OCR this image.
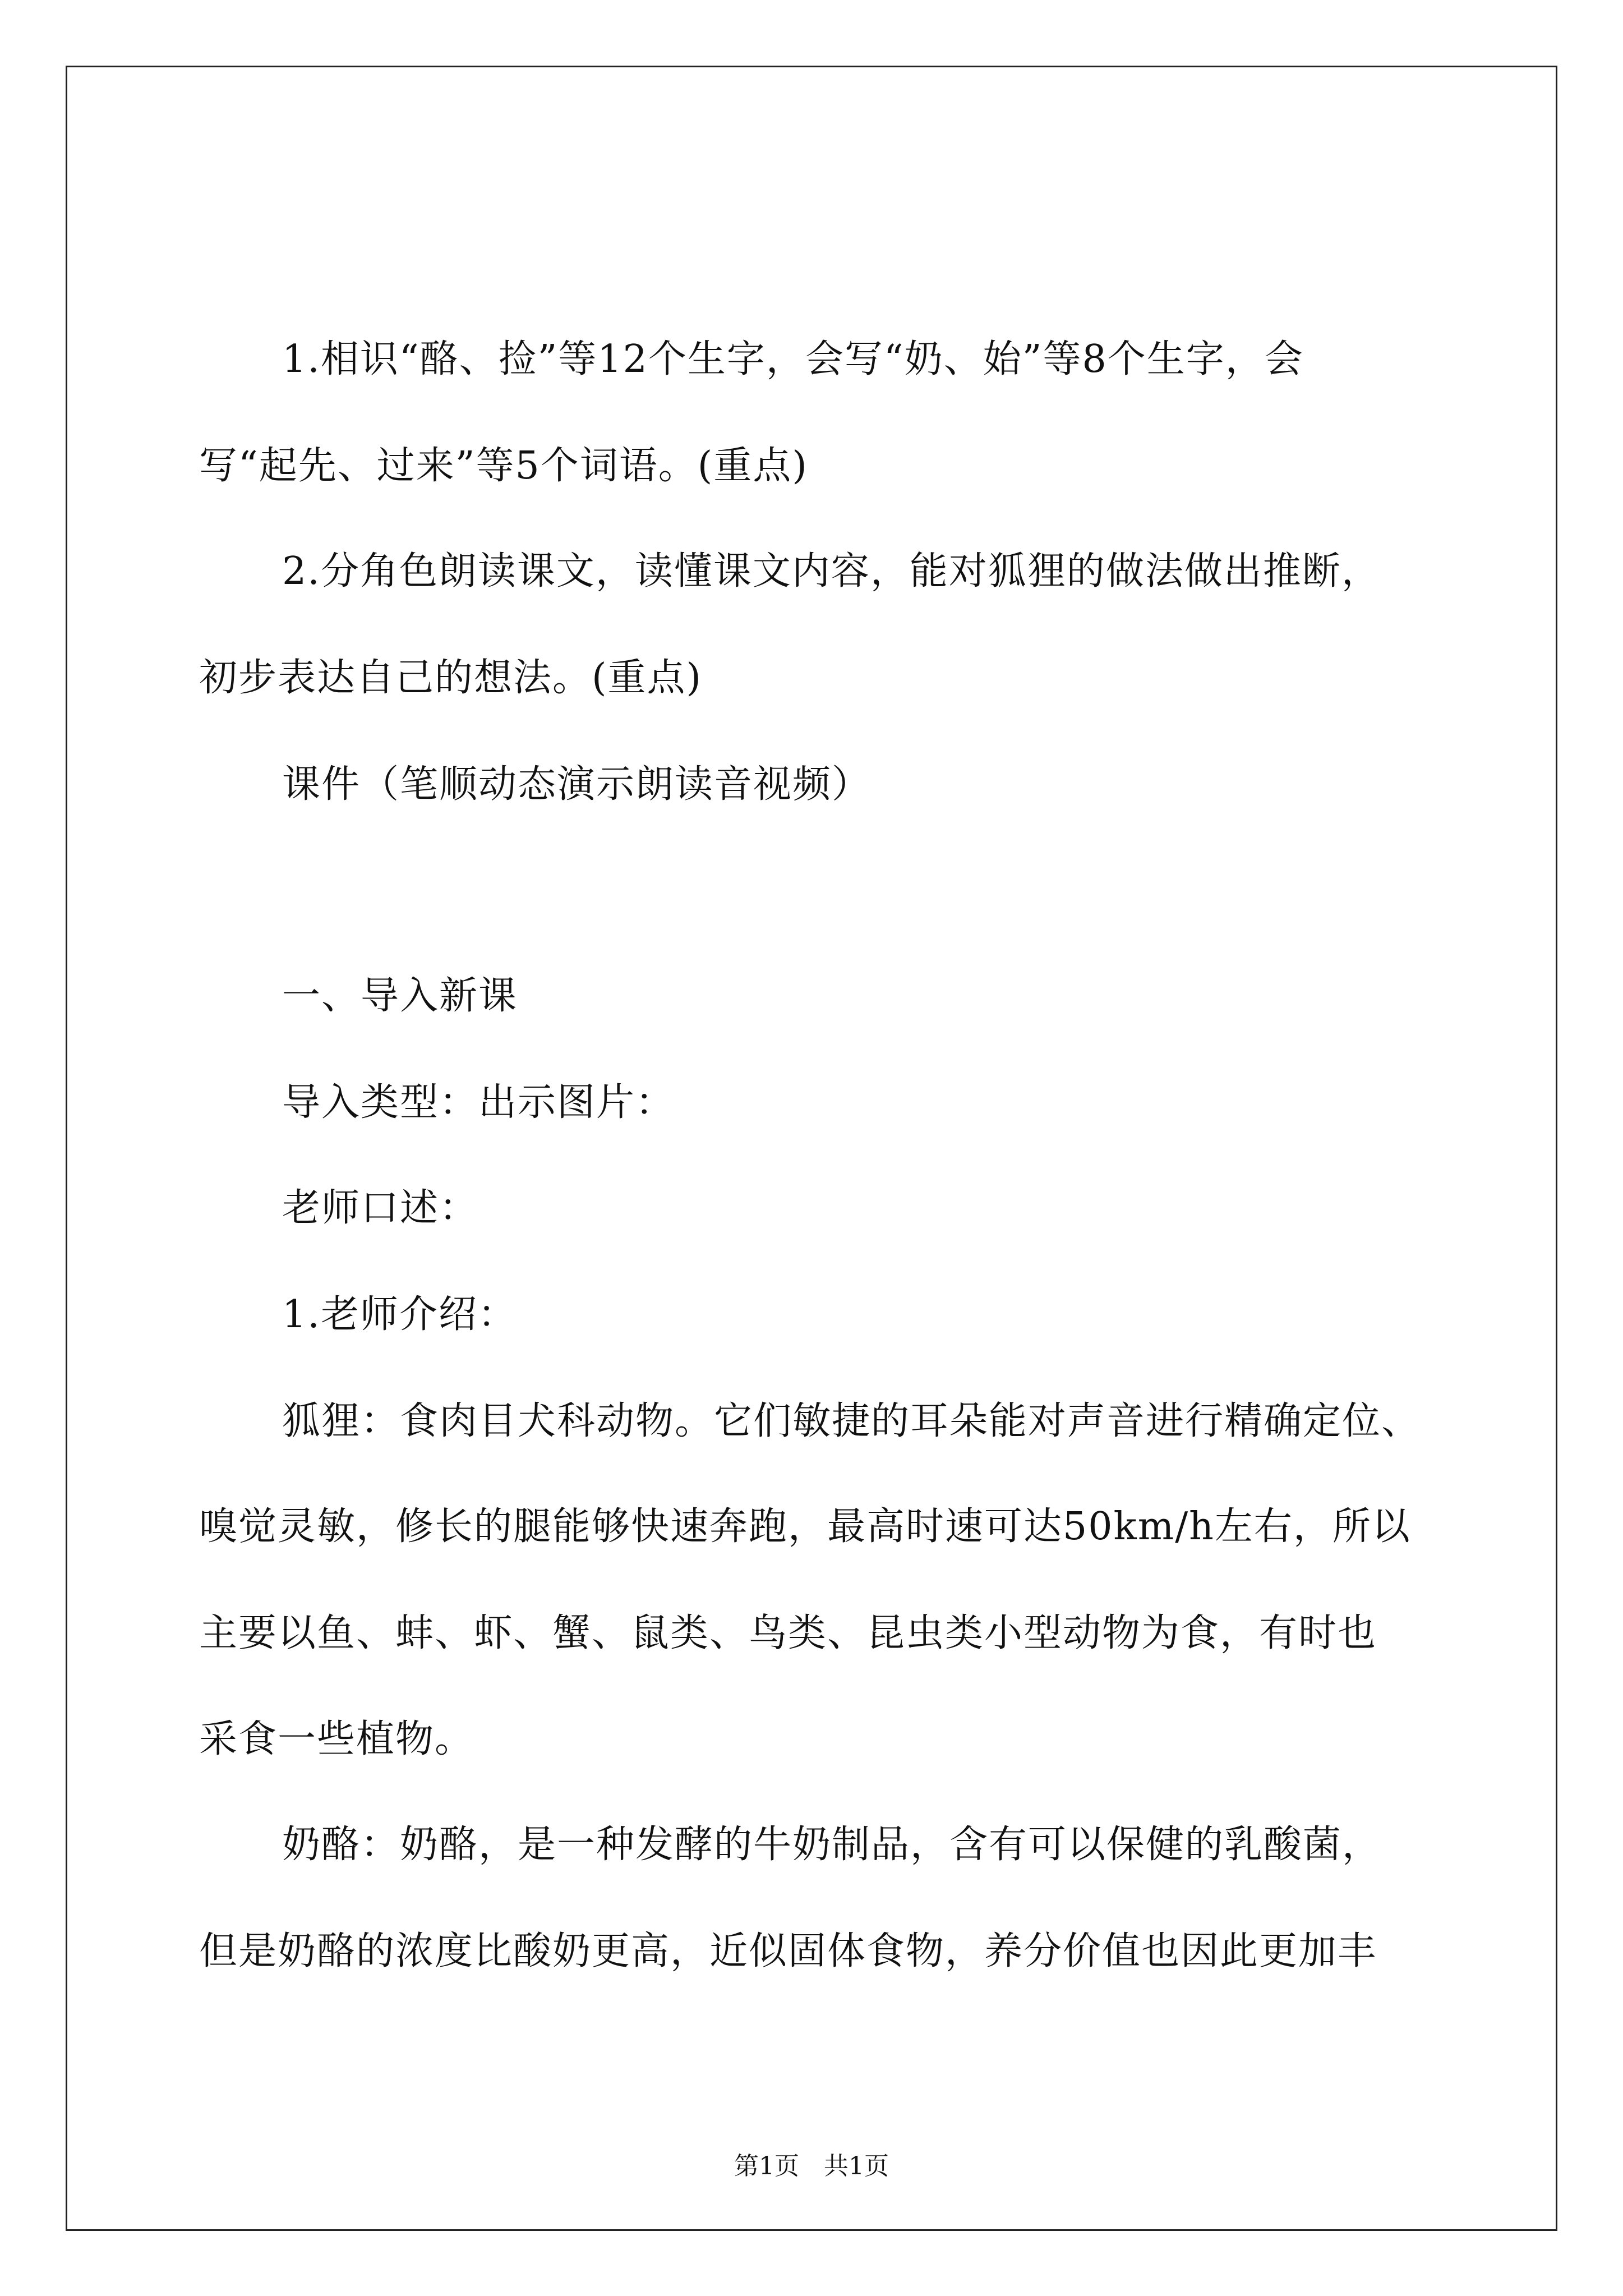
1.相识“酪、捡”等12个生字，会写“奶、始”等8个生字，会
写“起先、过来”等5个词语。(重点)
2.分角色朗读课文，读懂课文内容，能对狐狸的做法做出推断，
初步表达自己的想法。(重点)
课件（笔顺动态演示朗读音视频）
一、导入新课
导入类型：出示图片：
老师口述：
1.老师介绍：
狐狸：食肉目犬科动物。它们敏捷的耳朵能对声音进行精确定位、
嗅觉灵敏，修长的腿能够快速奔跑，最高时速可达50km/h左右，所以
主要以鱼、蚌、虾、蟹、鼠类、鸟类、昆虫类小型动物为食，有时也
采食一些植物。
奶酪：奶酪，是一种发酵的牛奶制品，含有可以保健的乳酸菌，
但是奶酪的浓度比酸奶更高，近似固体食物，养分价值也因此更加丰
第1页　共1页
